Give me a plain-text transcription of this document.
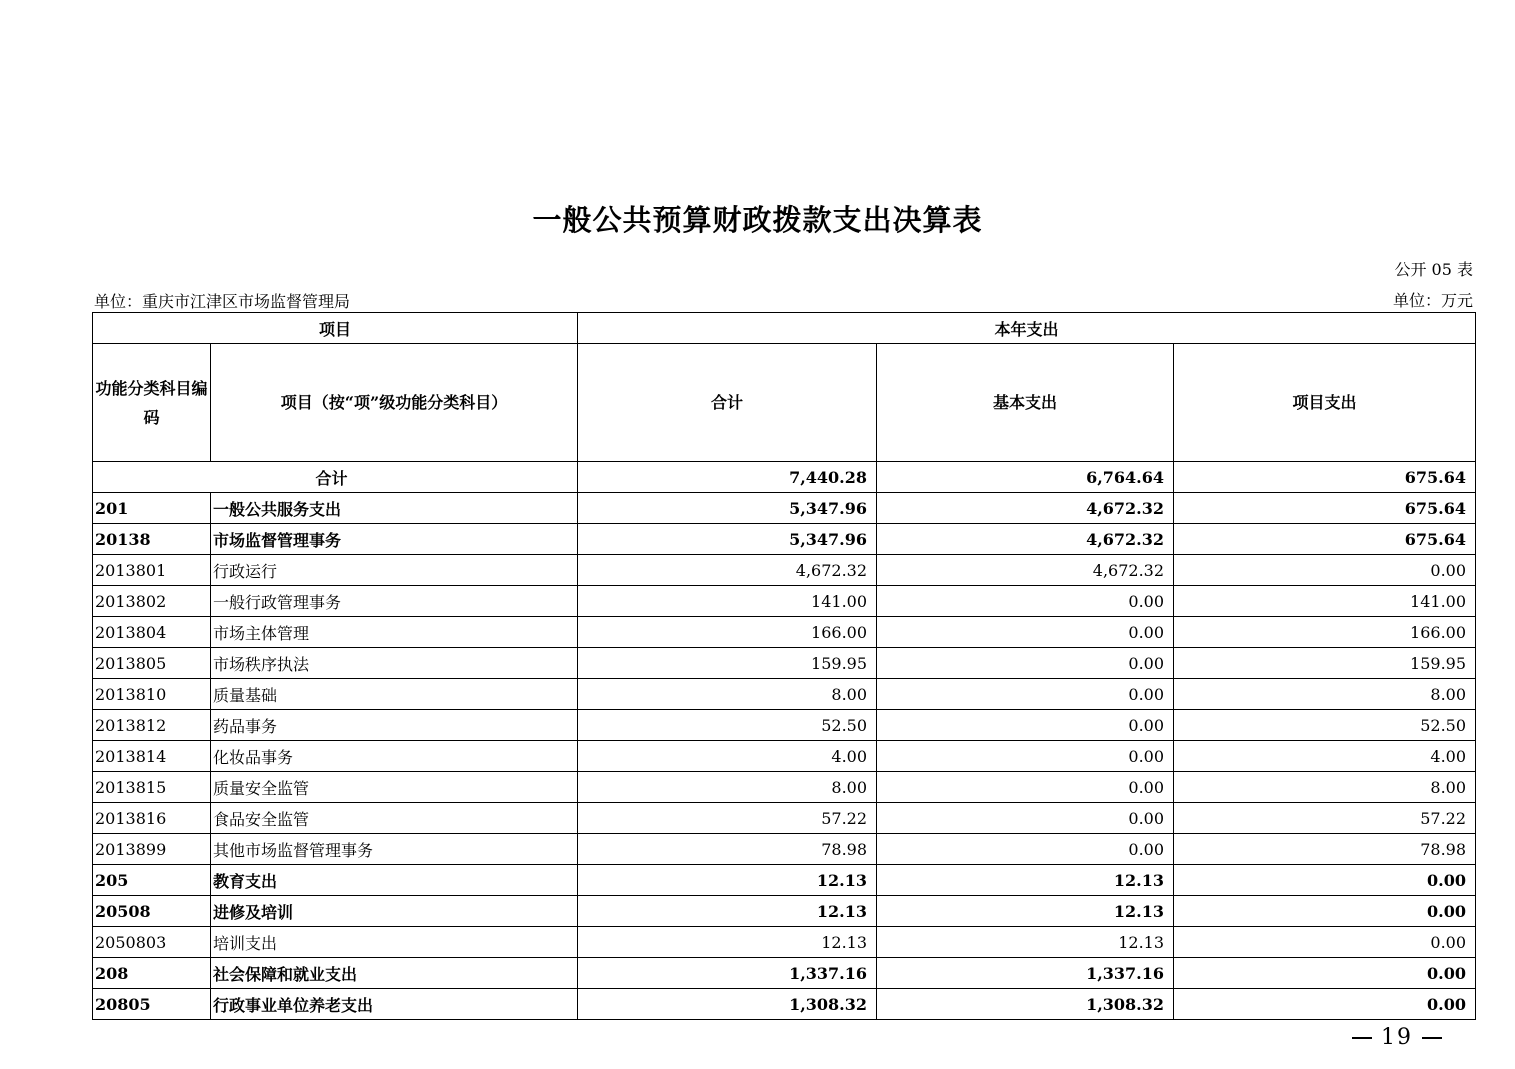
一般公共预算财政拨款支出决算表
公开 05 表
单位：重庆市江津区市场监督管理局	单位：万元
项目		本年支出		
功能分类科目编码	项目（按“项”级功能分类科目）	合计	基本支出	项目支出
合计		7,440.28	6,764.64	675.64
201	一般公共服务支出	5,347.96	4,672.32	675.64
20138	市场监督管理事务	5,347.96	4,672.32	675.64
2013801	行政运行	4,672.32	4,672.32	0.00
2013802	一般行政管理事务	141.00	0.00	141.00
2013804	市场主体管理	166.00	0.00	166.00
2013805	市场秩序执法	159.95	0.00	159.95
2013810	质量基础	8.00	0.00	8.00
2013812	药品事务	52.50	0.00	52.50
2013814	化妆品事务	4.00	0.00	4.00
2013815	质量安全监管	8.00	0.00	8.00
2013816	食品安全监管	57.22	0.00	57.22
2013899	其他市场监督管理事务	78.98	0.00	78.98
205	教育支出	12.13	12.13	0.00
20508	进修及培训	12.13	12.13	0.00
2050803	培训支出	12.13	12.13	0.00
208	社会保障和就业支出	1,337.16	1,337.16	0.00
20805	行政事业单位养老支出	1,308.32	1,308.32	0.00
19
